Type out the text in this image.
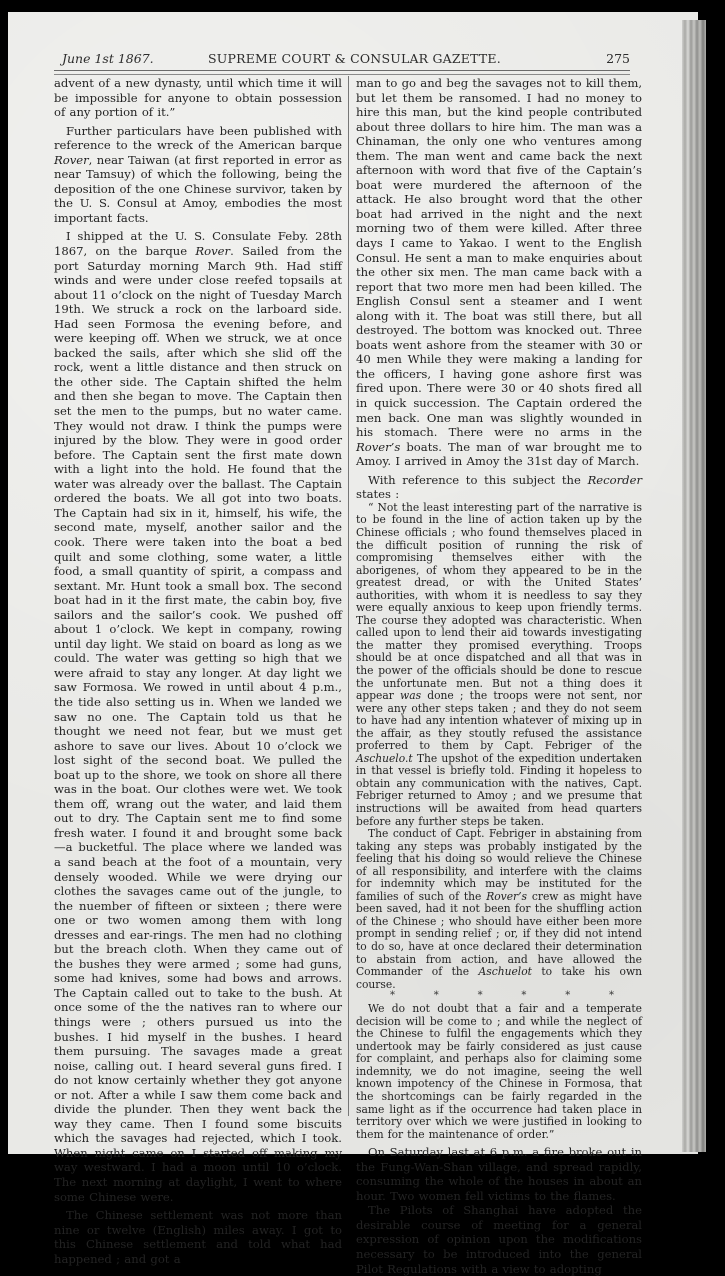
June 1st 1867.	SUPREME COURT & CONSULAR GAZETTE.	275

advent of a new dynasty, until which time it will be impossible for anyone to obtain possession of any portion of it.”

Further particulars have been published with reference to the wreck of the American barque Rover, near Taiwan (at first reported in error as near Tamsuy) of which the following, being the deposition of the one Chinese survivor, taken by the U. S. Consul at Amoy, embodies the most important facts.

I shipped at the U. S. Consulate Feby. 28th 1867, on the barque Rover. Sailed from the port Saturday morning March 9th. Had stiff winds and were under close reefed topsails at about 11 o’clock on the night of Tuesday March 19th. We struck a rock on the larboard side. Had seen Formosa the evening before, and were keeping off. When we struck, we at once backed the sails, after which she slid off the rock, went a little distance and then struck on the other side. The Captain shifted the helm and then she began to move. The Captain then set the men to the pumps, but no water came. They would not draw. I think the pumps were injured by the blow. They were in good order before. The Captain sent the first mate down with a light into the hold. He found that the water was already over the ballast. The Captain ordered the boats. We all got into two boats. The Captain had six in it, himself, his wife, the second mate, myself, another sailor and the cook. There were taken into the boat a bed quilt and some clothing, some water, a little food, a small quantity of spirit, a compass and sextant. Mr. Hunt took a small box. The second boat had in it the first mate, the cabin boy, five sailors and the sailor’s cook. We pushed off about 1 o’clock. We kept in company, rowing until day light. We staid on board as long as we could. The water was getting so high that we were afraid to stay any longer. At day light we saw Formosa. We rowed in until about 4 p.m., the tide also setting us in. When we landed we saw no one. The Captain told us that he thought we need not fear, but we must get ashore to save our lives. About 10 o’clock we lost sight of the second boat. We pulled the boat up to the shore, we took on shore all there was in the boat. Our clothes were wet. We took them off, wrang out the water, and laid them out to dry. The Captain sent me to find some fresh water. I found it and brought some back —a bucketful. The place where we landed was a sand beach at the foot of a mountain, very densely wooded. While we were drying our clothes the savages came out of the jungle, to the nuember of fifteen or sixteen ; there were one or two women among them with long dresses and ear-rings. The men had no clothing but the breach cloth. When they came out of the bushes they were armed ; some had guns, some had knives, some had bows and arrows. The Captain called out to take to the bush. At once some of the the natives ran to where our things were ; others pursued us into the bushes. I hid myself in the bushes. I heard them pursuing. The savages made a great noise, calling out. I heard several guns fired. I do not know certainly whether they got anyone or not. After a while I saw them come back and divide the plunder. Then they went back the way they came. Then I found some biscuits which the savages had rejected, which I took. When night came on I started off making my way westward. I had a moon until 10 o’clock. The next morning at daylight, I went to where some Chinese were.

The Chinese settlement was not more than nine or twelve (English) miles away. I got to this Chinese settlement and told what had happened ; and got a

man to go and beg the savages not to kill them, but let them be ransomed. I had no money to hire this man, but the kind people contributed about three dollars to hire him. The man was a Chinaman, the only one who ventures among them. The man went and came back the next afternoon with word that five of the Captain’s boat were murdered the afternoon of the attack. He also brought word that the other boat had arrived in the night and the next morning two of them were killed. After three days I came to Yakao. I went to the English Consul. He sent a man to make enquiries about the other six men. The man came back with a report that two more men had been killed. The English Consul sent a steamer and I went along with it. The boat was still there, but all destroyed. The bottom was knocked out. Three boats went ashore from the steamer with 30 or 40 men While they were making a landing for the officers, I having gone ashore first was fired upon. There were 30 or 40 shots fired all in quick succession. The Captain ordered the men back. One man was slightly wounded in his stomach. There were no arms in the Rover’s boats. The man of war brought me to Amoy. I arrived in Amoy the 31st day of March.

With reference to this subject the Recorder states :

“ Not the least interesting part of the narrative is to be found in the line of action taken up by the Chinese officials ; who found themselves placed in the difficult position of running the risk of compromising themselves either with the aborigenes, of whom they appeared to be in the greatest dread, or with the United States’ authorities, with whom it is needless to say they were equally anxious to keep upon friendly terms. The course they adopted was characteristic. When called upon to lend their aid towards investigating the matter they promised everything. Troops should be at once dispatched and all that was in the power of the officials should be done to rescue the unfortunate men. But not a thing does it appear was done ; the troops were not sent, nor were any other steps taken ; and they do not seem to have had any intention whatever of mixing up in the affair, as they stoutly refused the assistance proferred to them by Capt. Febriger of the Aschuelo.t The upshot of the expedition undertaken in that vessel is briefly told. Finding it hopeless to obtain any communication with the natives, Capt. Febriger returned to Amoy ; and we presume that instructions will be awaited from head quarters before any further steps be taken.

The conduct of Capt. Febriger in abstaining from taking any steps was probably instigated by the feeling that his doing so would relieve the Chinese of all responsibility, and interfere with the claims for indemnity which may be instituted for the families of such of the Rover’s crew as might have been saved, had it not been for the shuffling action of the Chinese ; who should have either been more prompt in sending relief ; or, if they did not intend to do so, have at once declared their determination to abstain from action, and have allowed the Commander of the Aschuelot to take his own course.

*	*	*	*	*	*

We do not doubt that a fair and a temperate decision will be come to ; and while the neglect of the Chinese to fulfil the engagements which they undertook may be fairly considered as just cause for complaint, and perhaps also for claiming some indemnity, we do not imagine, seeing the well known impotency of the Chinese in Formosa, that the shortcomings can be fairly regarded in the same light as if the occurrence had taken place in territory over which we were justified in looking to them for the maintenance of order.”

On Saturday last at 6 p.m. a fire broke out in the Fung-Wan-Shan village, and spread rapidly, consuming the whole of the houses in about an hour. Two women fell victims to the flames.

The Pilots of Shanghai have adopted the desirable course of meeting for a general expression of opinion upon the modifications necessary to be introduced into the general Pilot Regulations with a view to adopting
